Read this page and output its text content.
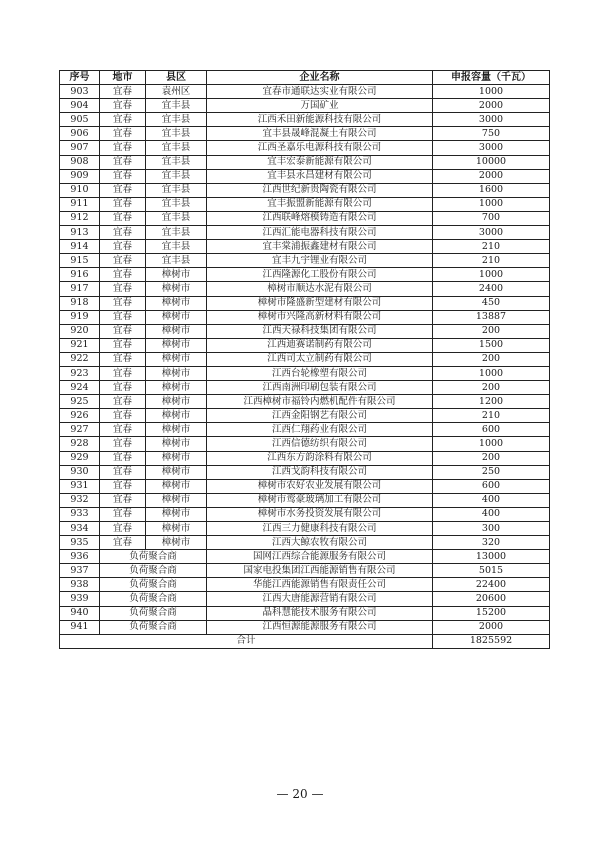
序号	地市	县区	企业名称	申报容量（千瓦）
903	宜春	袁州区	宜春市通联达实业有限公司	1000
904	宜春	宜丰县	万国矿业	2000
905	宜春	宜丰县	江西禾田新能源科技有限公司	3000
906	宜春	宜丰县	宜丰县晟峰混凝土有限公司	750
907	宜春	宜丰县	江西圣嘉乐电源科技有限公司	3000
908	宜春	宜丰县	宜丰宏泰新能源有限公司	10000
909	宜春	宜丰县	宜丰县永昌建材有限公司	2000
910	宜春	宜丰县	江西世纪新贵陶瓷有限公司	1600
911	宜春	宜丰县	宜丰振盟新能源有限公司	1000
912	宜春	宜丰县	江西联峰熔模铸造有限公司	700
913	宜春	宜丰县	江西汇能电器科技有限公司	3000
914	宜春	宜丰县	宜丰棠浦振鑫建材有限公司	210
915	宜春	宜丰县	宜丰九宇锂业有限公司	210
916	宜春	樟树市	江西隆源化工股份有限公司	1000
917	宜春	樟树市	樟树市顺达水泥有限公司	2400
918	宜春	樟树市	樟树市隆盛新型建材有限公司	450
919	宜春	樟树市	樟树市兴隆高新材料有限公司	13887
920	宜春	樟树市	江西天禄科技集团有限公司	200
921	宜春	樟树市	江西迪赛诺制药有限公司	1500
922	宜春	樟树市	江西司太立制药有限公司	200
923	宜春	樟树市	江西台轮橡塑有限公司	1000
924	宜春	樟树市	江西南洲印刷包装有限公司	200
925	宜春	樟树市	江西樟树市福铃内燃机配件有限公司	1200
926	宜春	樟树市	江西金阳钢艺有限公司	210
927	宜春	樟树市	江西仁翔药业有限公司	600
928	宜春	樟树市	江西信德纺织有限公司	1000
929	宜春	樟树市	江西东方韵涂料有限公司	200
930	宜春	樟树市	江西戈韵科技有限公司	250
931	宜春	樟树市	樟树市农好农业发展有限公司	600
932	宜春	樟树市	樟树市鸾豪玻璃加工有限公司	400
933	宜春	樟树市	樟树市水务投资发展有限公司	400
934	宜春	樟树市	江西三力健康科技有限公司	300
935	宜春	樟树市	江西大鲸农牧有限公司	320
936	负荷聚合商		国网江西综合能源服务有限公司	13000
937	负荷聚合商		国家电投集团江西能源销售有限公司	5015
938	负荷聚合商		华能江西能源销售有限责任公司	22400
939	负荷聚合商		江西大唐能源营销有限公司	20600
940	负荷聚合商		晶科慧能技术服务有限公司	15200
941	负荷聚合商		江西恒源能源服务有限公司	2000
合计				1825592
— 20 —
